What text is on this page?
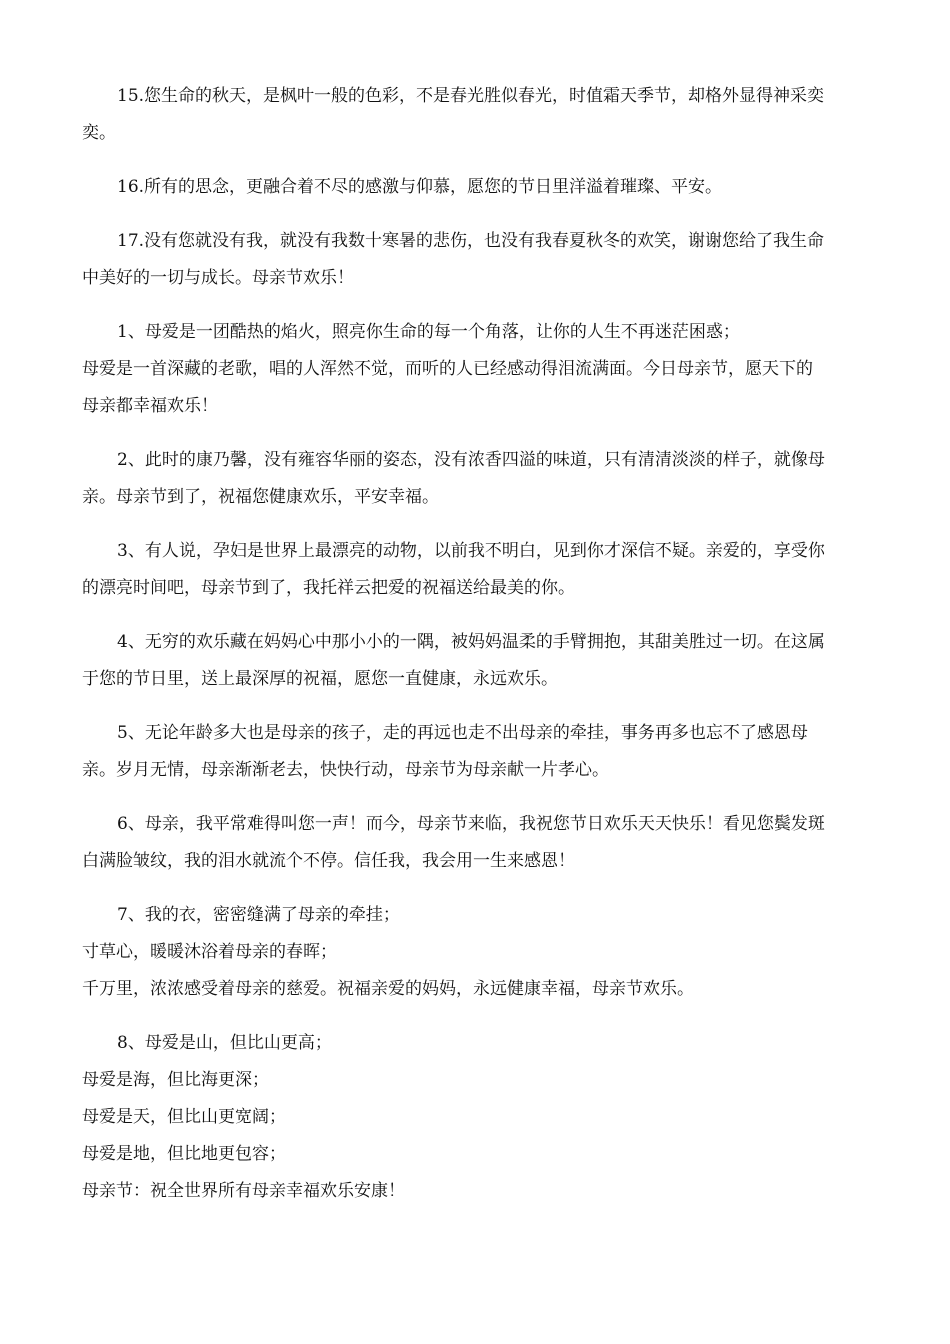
15.您生命的秋天，是枫叶一般的色彩，不是春光胜似春光，时值霜天季节，却格外显得神采奕
奕。
16.所有的思念，更融合着不尽的感激与仰慕，愿您的节日里洋溢着璀璨、平安。
17.没有您就没有我，就没有我数十寒暑的悲伤，也没有我春夏秋冬的欢笑，谢谢您给了我生命
中美好的一切与成长。母亲节欢乐！
1、母爱是一团酷热的焰火，照亮你生命的每一个角落，让你的人生不再迷茫困惑；
母爱是一首深藏的老歌，唱的人浑然不觉，而听的人已经感动得泪流满面。今日母亲节，愿天下的
母亲都幸福欢乐！
2、此时的康乃馨，没有雍容华丽的姿态，没有浓香四溢的味道，只有清清淡淡的样子，就像母
亲。母亲节到了，祝福您健康欢乐，平安幸福。
3、有人说，孕妇是世界上最漂亮的动物，以前我不明白，见到你才深信不疑。亲爱的，享受你
的漂亮时间吧，母亲节到了，我托祥云把爱的祝福送给最美的你。
4、无穷的欢乐藏在妈妈心中那小小的一隅，被妈妈温柔的手臂拥抱，其甜美胜过一切。在这属
于您的节日里，送上最深厚的祝福，愿您一直健康，永远欢乐。
5、无论年龄多大也是母亲的孩子，走的再远也走不出母亲的牵挂，事务再多也忘不了感恩母
亲。岁月无情，母亲渐渐老去，快快行动，母亲节为母亲献一片孝心。
6、母亲，我平常难得叫您一声！而今，母亲节来临，我祝您节日欢乐天天快乐！看见您鬓发斑
白满脸皱纹，我的泪水就流个不停。信任我，我会用一生来感恩！
7、我的衣，密密缝满了母亲的牵挂；
寸草心，暖暖沐浴着母亲的春晖；
千万里，浓浓感受着母亲的慈爱。祝福亲爱的妈妈，永远健康幸福，母亲节欢乐。
8、母爱是山，但比山更高；
母爱是海，但比海更深；
母爱是天，但比山更宽阔；
母爱是地，但比地更包容；
母亲节：祝全世界所有母亲幸福欢乐安康！
